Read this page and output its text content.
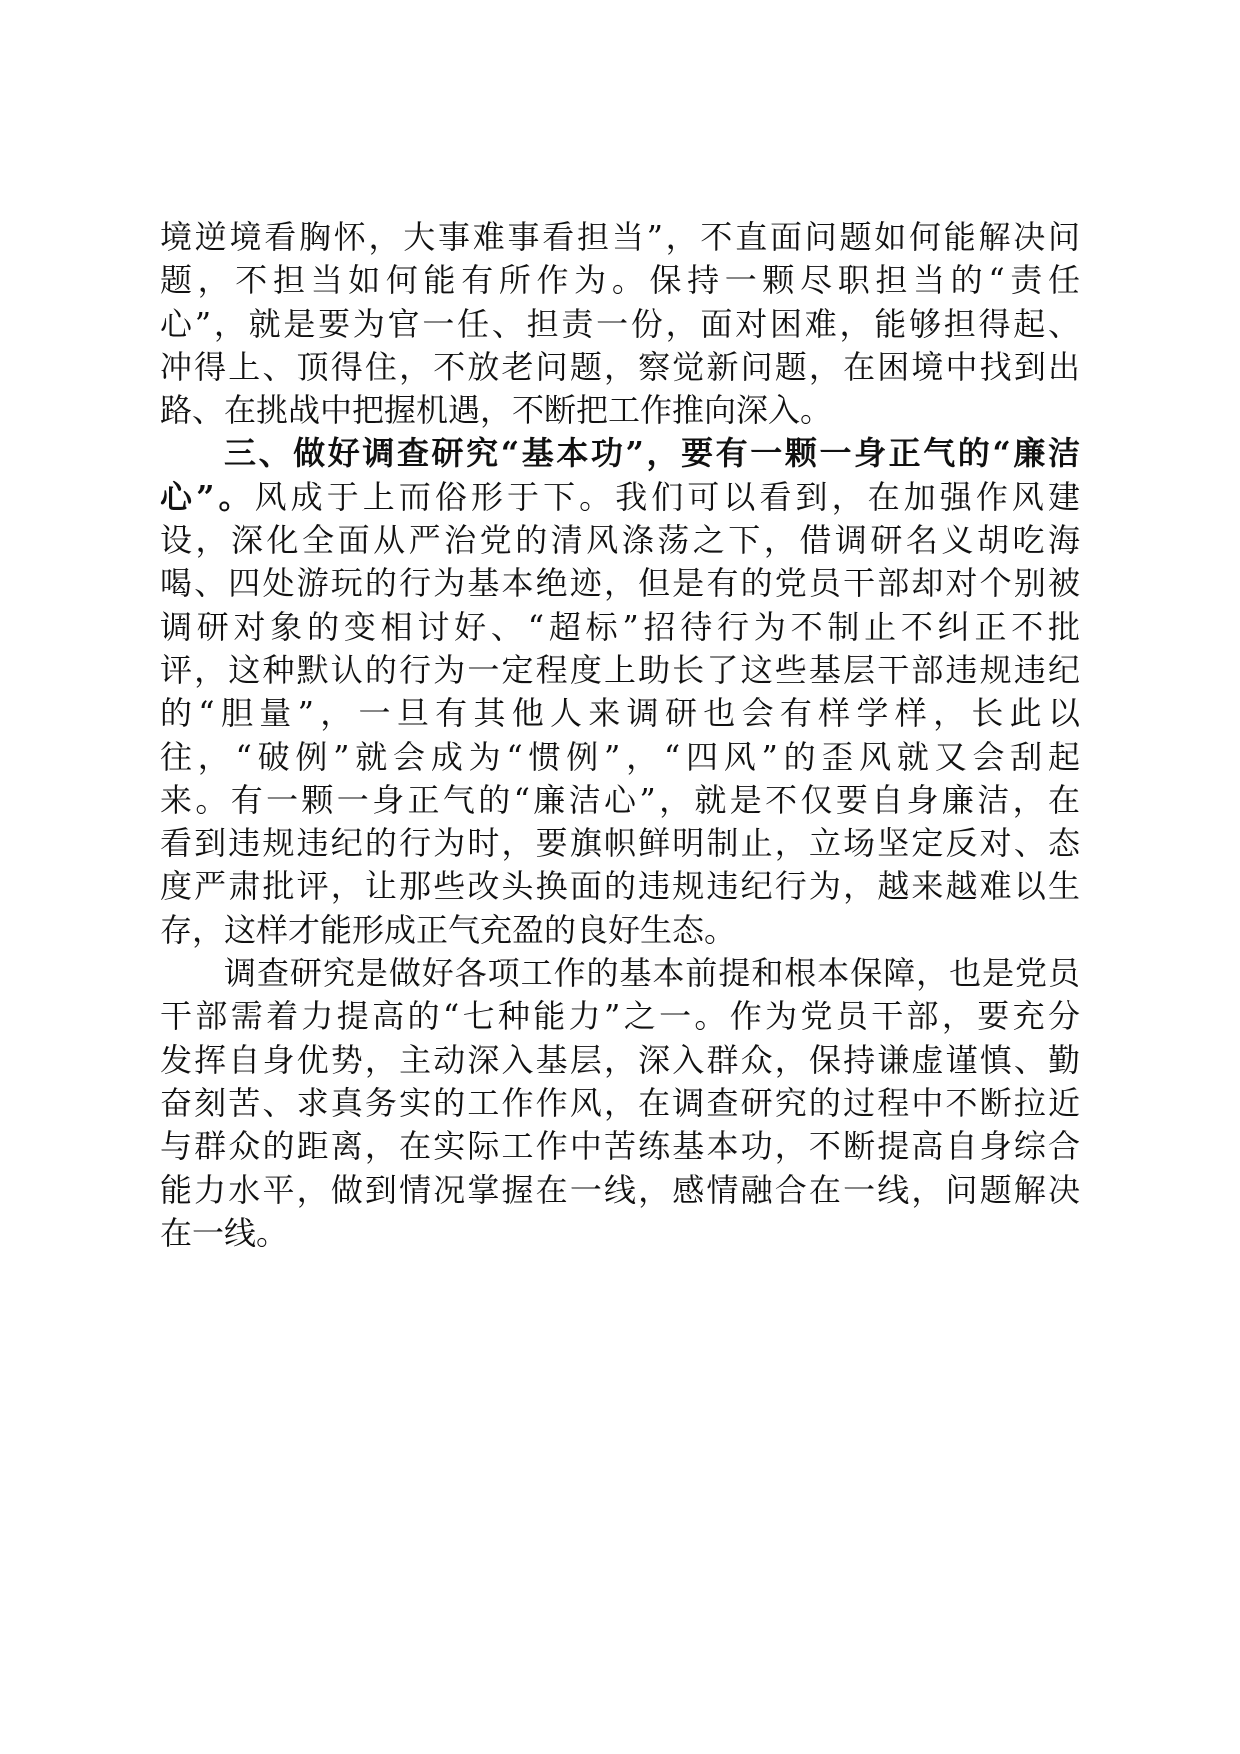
境逆境看胸怀，大事难事看担当”，不直面问题如何能解决问
题，不担当如何能有所作为。保持一颗尽职担当的“责任
心”，就是要为官一任、担责一份，面对困难，能够担得起、
冲得上、顶得住，不放老问题，察觉新问题，在困境中找到出
路、在挑战中把握机遇，不断把工作推向深入。
三、做好调查研究“基本功”，要有一颗一身正气的“廉洁
心”。风成于上而俗形于下。我们可以看到，在加强作风建
设，深化全面从严治党的清风涤荡之下，借调研名义胡吃海
喝、四处游玩的行为基本绝迹，但是有的党员干部却对个别被
调研对象的变相讨好、“超标”招待行为不制止不纠正不批
评，这种默认的行为一定程度上助长了这些基层干部违规违纪
的“胆量”，一旦有其他人来调研也会有样学样，长此以
往，“破例”就会成为“惯例”，“四风”的歪风就又会刮起
来。有一颗一身正气的“廉洁心”，就是不仅要自身廉洁，在
看到违规违纪的行为时，要旗帜鲜明制止，立场坚定反对、态
度严肃批评，让那些改头换面的违规违纪行为，越来越难以生
存，这样才能形成正气充盈的良好生态。
调查研究是做好各项工作的基本前提和根本保障，也是党员
干部需着力提高的“七种能力”之一。作为党员干部，要充分
发挥自身优势，主动深入基层，深入群众，保持谦虚谨慎、勤
奋刻苦、求真务实的工作作风，在调查研究的过程中不断拉近
与群众的距离，在实际工作中苦练基本功，不断提高自身综合
能力水平，做到情况掌握在一线，感情融合在一线，问题解决
在一线。
